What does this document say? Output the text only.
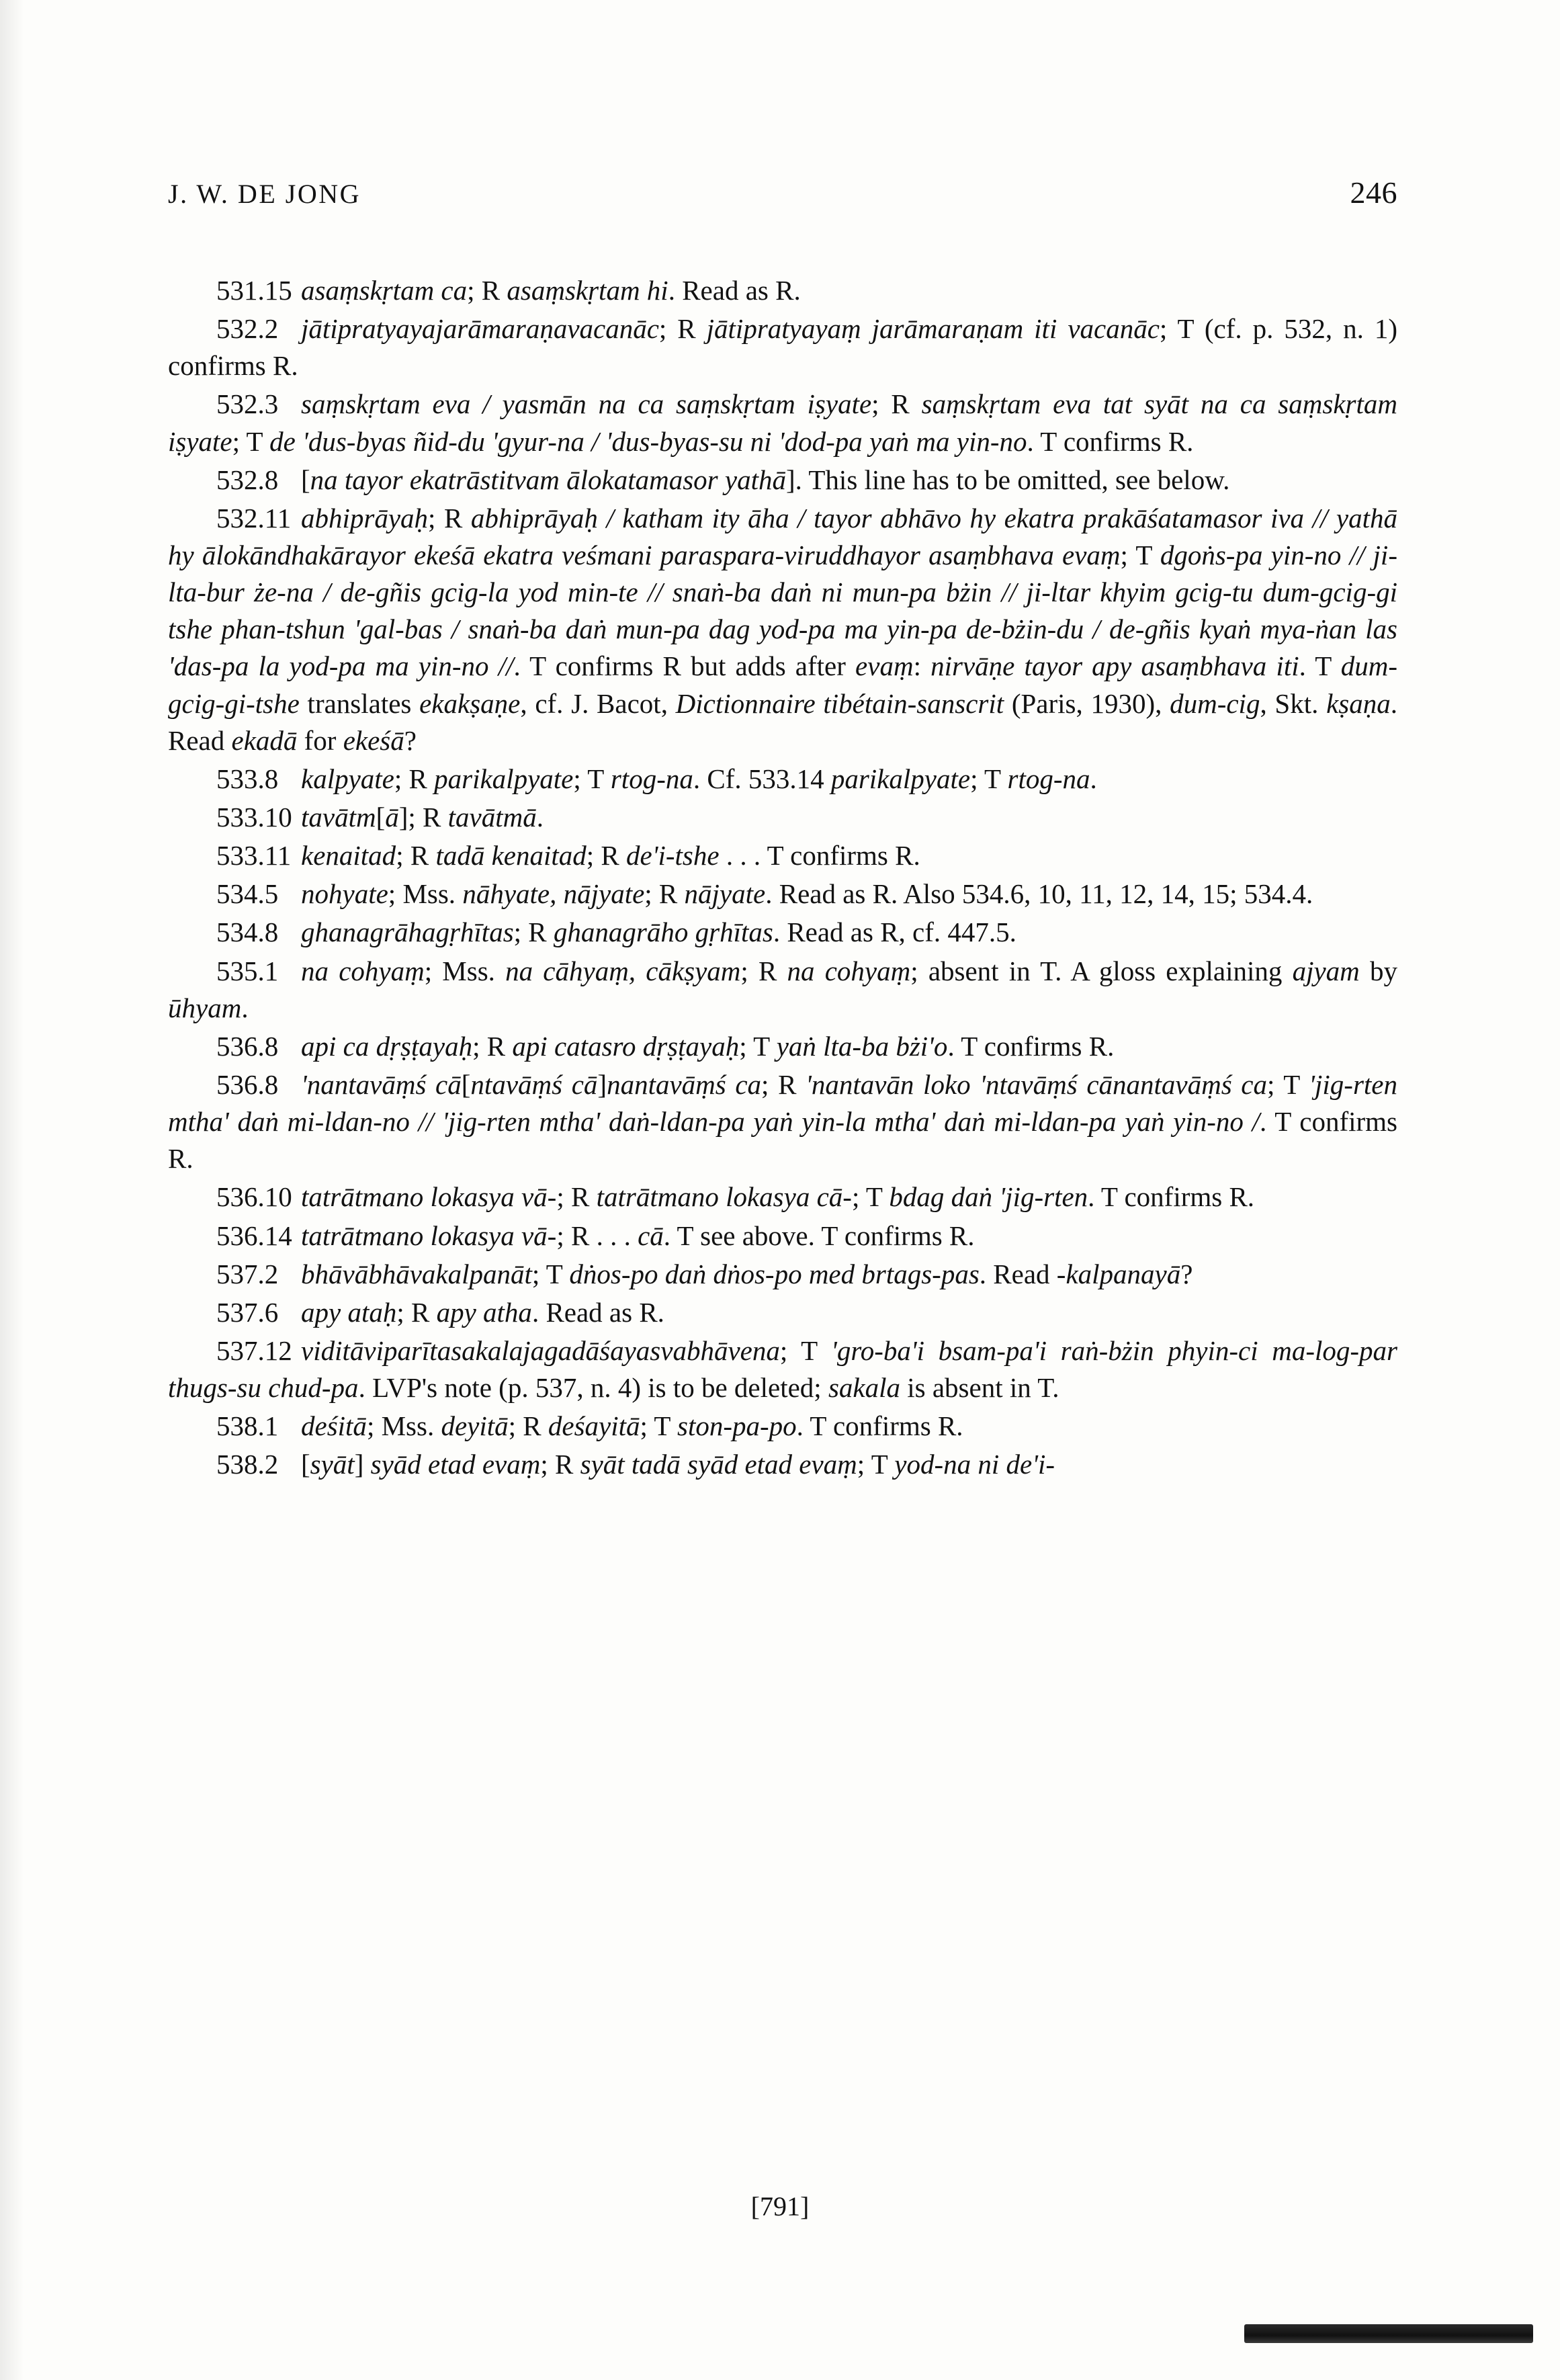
J. W. DE JONG	246

531.15 asaṃskṛtam ca; R asaṃskṛtam hi. Read as R.

532.2 jātipratyayajarāmaraṇavacanāc; R jātipratyayaṃ jarāmaraṇam iti vacanāc; T (cf. p. 532, n. 1) confirms R.

532.3 saṃskṛtam eva / yasmān na ca saṃskṛtam iṣyate; R saṃskṛtam eva tat syāt na ca saṃskṛtam iṣyate; T de 'dus-byas ñid-du 'gyur-na / 'dus-byas-su ni 'dod-pa yaṅ ma yin-no. T confirms R.

532.8 [na tayor ekatrāstitvam ālokatamasor yathā]. This line has to be omitted, see below.

532.11 abhiprāyaḥ; R abhiprāyaḥ / katham ity āha / tayor abhāvo hy ekatra prakāśatamasor iva // yathā hy ālokāndhakārayor ekeśā ekatra veśmani paraspara-viruddhayor asaṃbhava evaṃ; T dgoṅs-pa yin-no // ji-lta-bur że-na / de-gñis gcig-la yod min-te // snaṅ-ba daṅ ni mun-pa bżin // ji-ltar khyim gcig-tu dum-gcig-gi tshe phan-tshun 'gal-bas / snaṅ-ba daṅ mun-pa dag yod-pa ma yin-pa de-bżin-du / de-gñis kyaṅ mya-ṅan las 'das-pa la yod-pa ma yin-no //. T confirms R but adds after evaṃ: nirvāṇe tayor apy asaṃbhava iti. T dum-gcig-gi-tshe translates ekakṣaṇe, cf. J. Bacot, Dictionnaire tibétain-sanscrit (Paris, 1930), dum-cig, Skt. kṣaṇa. Read ekadā for ekeśā?

533.8 kalpyate; R parikalpyate; T rtog-na. Cf. 533.14 parikalpyate; T rtog-na.

533.10 tavātm[ā]; R tavātmā.

533.11 kenaitad; R tadā kenaitad; R de'i-tshe . . . T confirms R.

534.5 nohyate; Mss. nāhyate, nājyate; R nājyate. Read as R. Also 534.6, 10, 11, 12, 14, 15; 534.4.

534.8 ghanagrāhagṛhītas; R ghanagrāho gṛhītas. Read as R, cf. 447.5.

535.1 na cohyaṃ; Mss. na cāhyaṃ, cākṣyam; R na cohyaṃ; absent in T. A gloss explaining ajyam by ūhyam.

536.8 api ca dṛṣṭayaḥ; R api catasro dṛṣṭayaḥ; T yaṅ lta-ba bżi'o. T confirms R.

536.8 'nantavāṃś cā[ntavāṃś cā]nantavāṃś ca; R 'nantavān loko 'ntavāṃś cānantavāṃś ca; T 'jig-rten mtha' daṅ mi-ldan-no // 'jig-rten mtha' daṅ-ldan-pa yaṅ yin-la mtha' daṅ mi-ldan-pa yaṅ yin-no /. T confirms R.

536.10 tatrātmano lokasya vā-; R tatrātmano lokasya cā-; T bdag daṅ 'jig-rten. T confirms R.

536.14 tatrātmano lokasya vā-; R . . . cā. T see above. T confirms R.

537.2 bhāvābhāvakalpanāt; T dṅos-po daṅ dṅos-po med brtags-pas. Read -kalpanayā?

537.6 apy ataḥ; R apy atha. Read as R.

537.12 viditāviparītasakalajagadāśayasvabhāvena; T 'gro-ba'i bsam-pa'i raṅ-bżin phyin-ci ma-log-par thugs-su chud-pa. LVP's note (p. 537, n. 4) is to be deleted; sakala is absent in T.

538.1 deśitā; Mss. deyitā; R deśayitā; T ston-pa-po. T confirms R.

538.2 [syāt] syād etad evaṃ; R syāt tadā syād etad evaṃ; T yod-na ni de'i-

[791]
